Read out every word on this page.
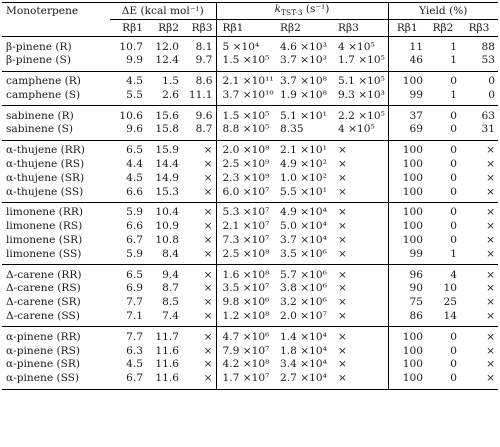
Monoterpene	ΔE (kcal mol⁻¹)			$k_{TST-3}$ (s⁻¹)			Yield (%)		
	Rβ1	Rβ2	Rβ3	Rβ1	Rβ2	Rβ3	Rβ1	Rβ2	Rβ3
β-pinene (R)	10.7	12.0	8.1	5 ×10⁴	4.6 ×10³	4 ×10⁵	11	1	88
β-pinene (S)	9.9	12.4	9.7	1.5 ×10⁵	3.7 ×10³	1.7 ×10⁵	46	1	53
camphene (R)	4.5	1.5	8.6	2.1 ×10¹¹	3.7 ×10⁸	5.1 ×10⁵	100	0	0
camphene (S)	5.5	2.6	11.1	3.7 ×10¹⁰	1.9 ×10⁸	9.3 ×10³	99	1	0
sabinene (R)	10.6	15.6	9.6	1.5 ×10⁵	5.1 ×10¹	2.2 ×10⁵	37	0	63
sabinene (S)	9.6	15.8	8.7	8.8 ×10⁵	8.35	4 ×10⁵	69	0	31
α-thujene (RR)	6.5	15.9	×	2.0 ×10⁸	2.1 ×10¹	×	100	0	×
α-thujene (RS)	4.4	14.4	×	2.5 ×10⁹	4.9 ×10²	×	100	0	×
α-thujene (SR)	4.5	14.9	×	2.3 ×10⁹	1.0 ×10²	×	100	0	×
α-thujene (SS)	6.6	15.3	×	6.0 ×10⁷	5.5 ×10¹	×	100	0	×
limonene (RR)	5.9	10.4	×	5.3 ×10⁷	4.9 ×10⁴	×	100	0	×
limonene (RS)	6.6	10.9	×	2.1 ×10⁷	5.0 ×10⁴	×	100	0	×
limonene (SR)	6.7	10.8	×	7.3 ×10⁷	3.7 ×10⁴	×	100	0	×
limonene (SS)	5.9	8.4	×	2.5 ×10⁸	3.5 ×10⁶	×	99	1	×
Δ-carene (RR)	6.5	9.4	×	1.6 ×10⁸	5.7 ×10⁶	×	96	4	×
Δ-carene (RS)	6.9	8.7	×	3.5 ×10⁷	3.8 ×10⁶	×	90	10	×
Δ-carene (SR)	7.7	8.5	×	9.8 ×10⁶	3.2 ×10⁶	×	75	25	×
Δ-carene (SS)	7.1	7.4	×	1.2 ×10⁸	2.0 ×10⁷	×	86	14	×
α-pinene (RR)	7.7	11.7	×	4.7 ×10⁶	1.4 ×10⁴	×	100	0	×
α-pinene (RS)	6.3	11.6	×	7.9 ×10⁷	1.8 ×10⁴	×	100	0	×
α-pinene (SR)	4.5	11.6	×	4.2 ×10⁸	3.4 ×10⁴	×	100	0	×
α-pinene (SS)	6.7	11.6	×	1.7 ×10⁷	2.7 ×10⁴	×	100	0	×
